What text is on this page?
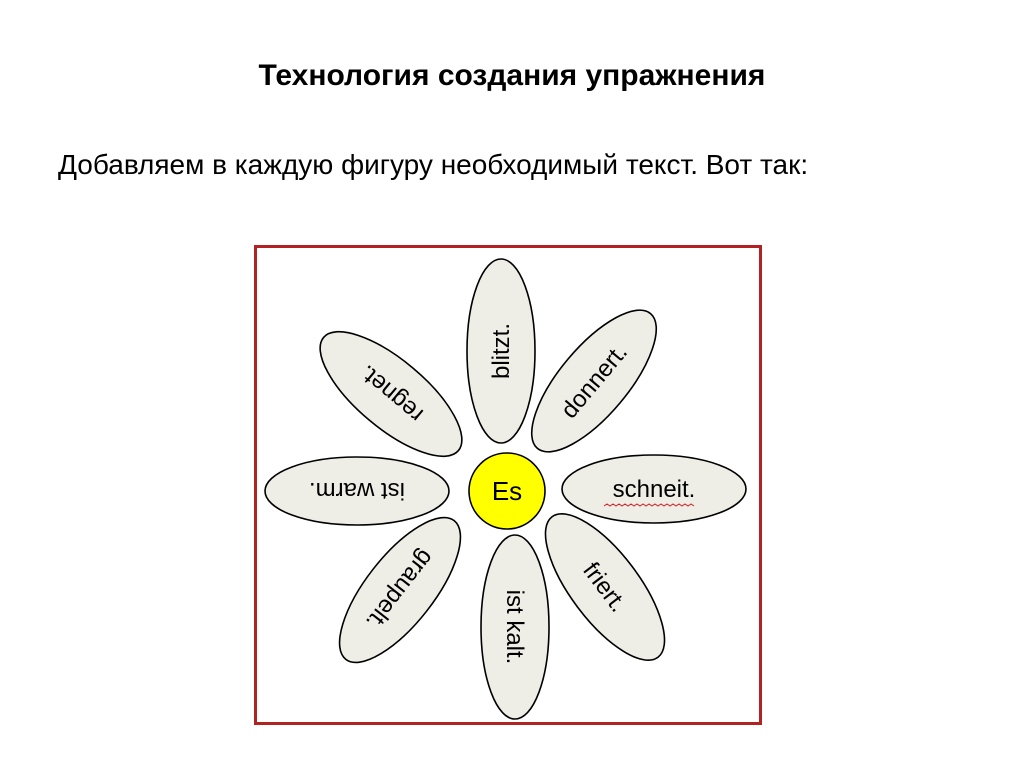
Технология создания упражнения
Добавляем в каждую фигуру необходимый текст. Вот так:
blitzt. donnert.
schneit.
friert.
ist kalt.
graupelt.
ist warm.
regnet.
Es
